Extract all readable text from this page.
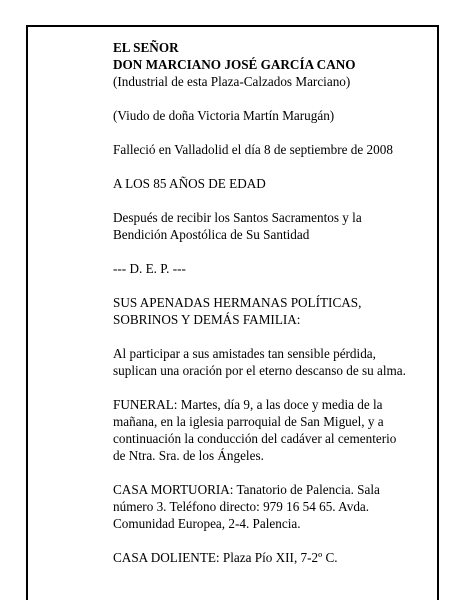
EL SEÑOR
DON MARCIANO JOSÉ GARCÍA CANO
(Industrial de esta Plaza-Calzados Marciano)

(Viudo de doña Victoria Martín Marugán)

Falleció en Valladolid el día 8 de septiembre de 2008

A LOS 85 AÑOS DE EDAD

Después de recibir los Santos Sacramentos y la
Bendición Apostólica de Su Santidad

--- D. E. P. ---

SUS APENADAS HERMANAS POLÍTICAS,
SOBRINOS Y DEMÁS FAMILIA:

Al participar a sus amistades tan sensible pérdida,
suplican una oración por el eterno descanso de su alma.

FUNERAL: Martes, día 9, a las doce y media de la
mañana, en la iglesia parroquial de San Miguel, y a
continuación la conducción del cadáver al cementerio
de Ntra. Sra. de los Ángeles.

CASA MORTUORIA: Tanatorio de Palencia. Sala
número 3. Teléfono directo: 979 16 54 65. Avda.
Comunidad Europea, 2-4. Palencia.

CASA DOLIENTE: Plaza Pío XII, 7-2º C.
